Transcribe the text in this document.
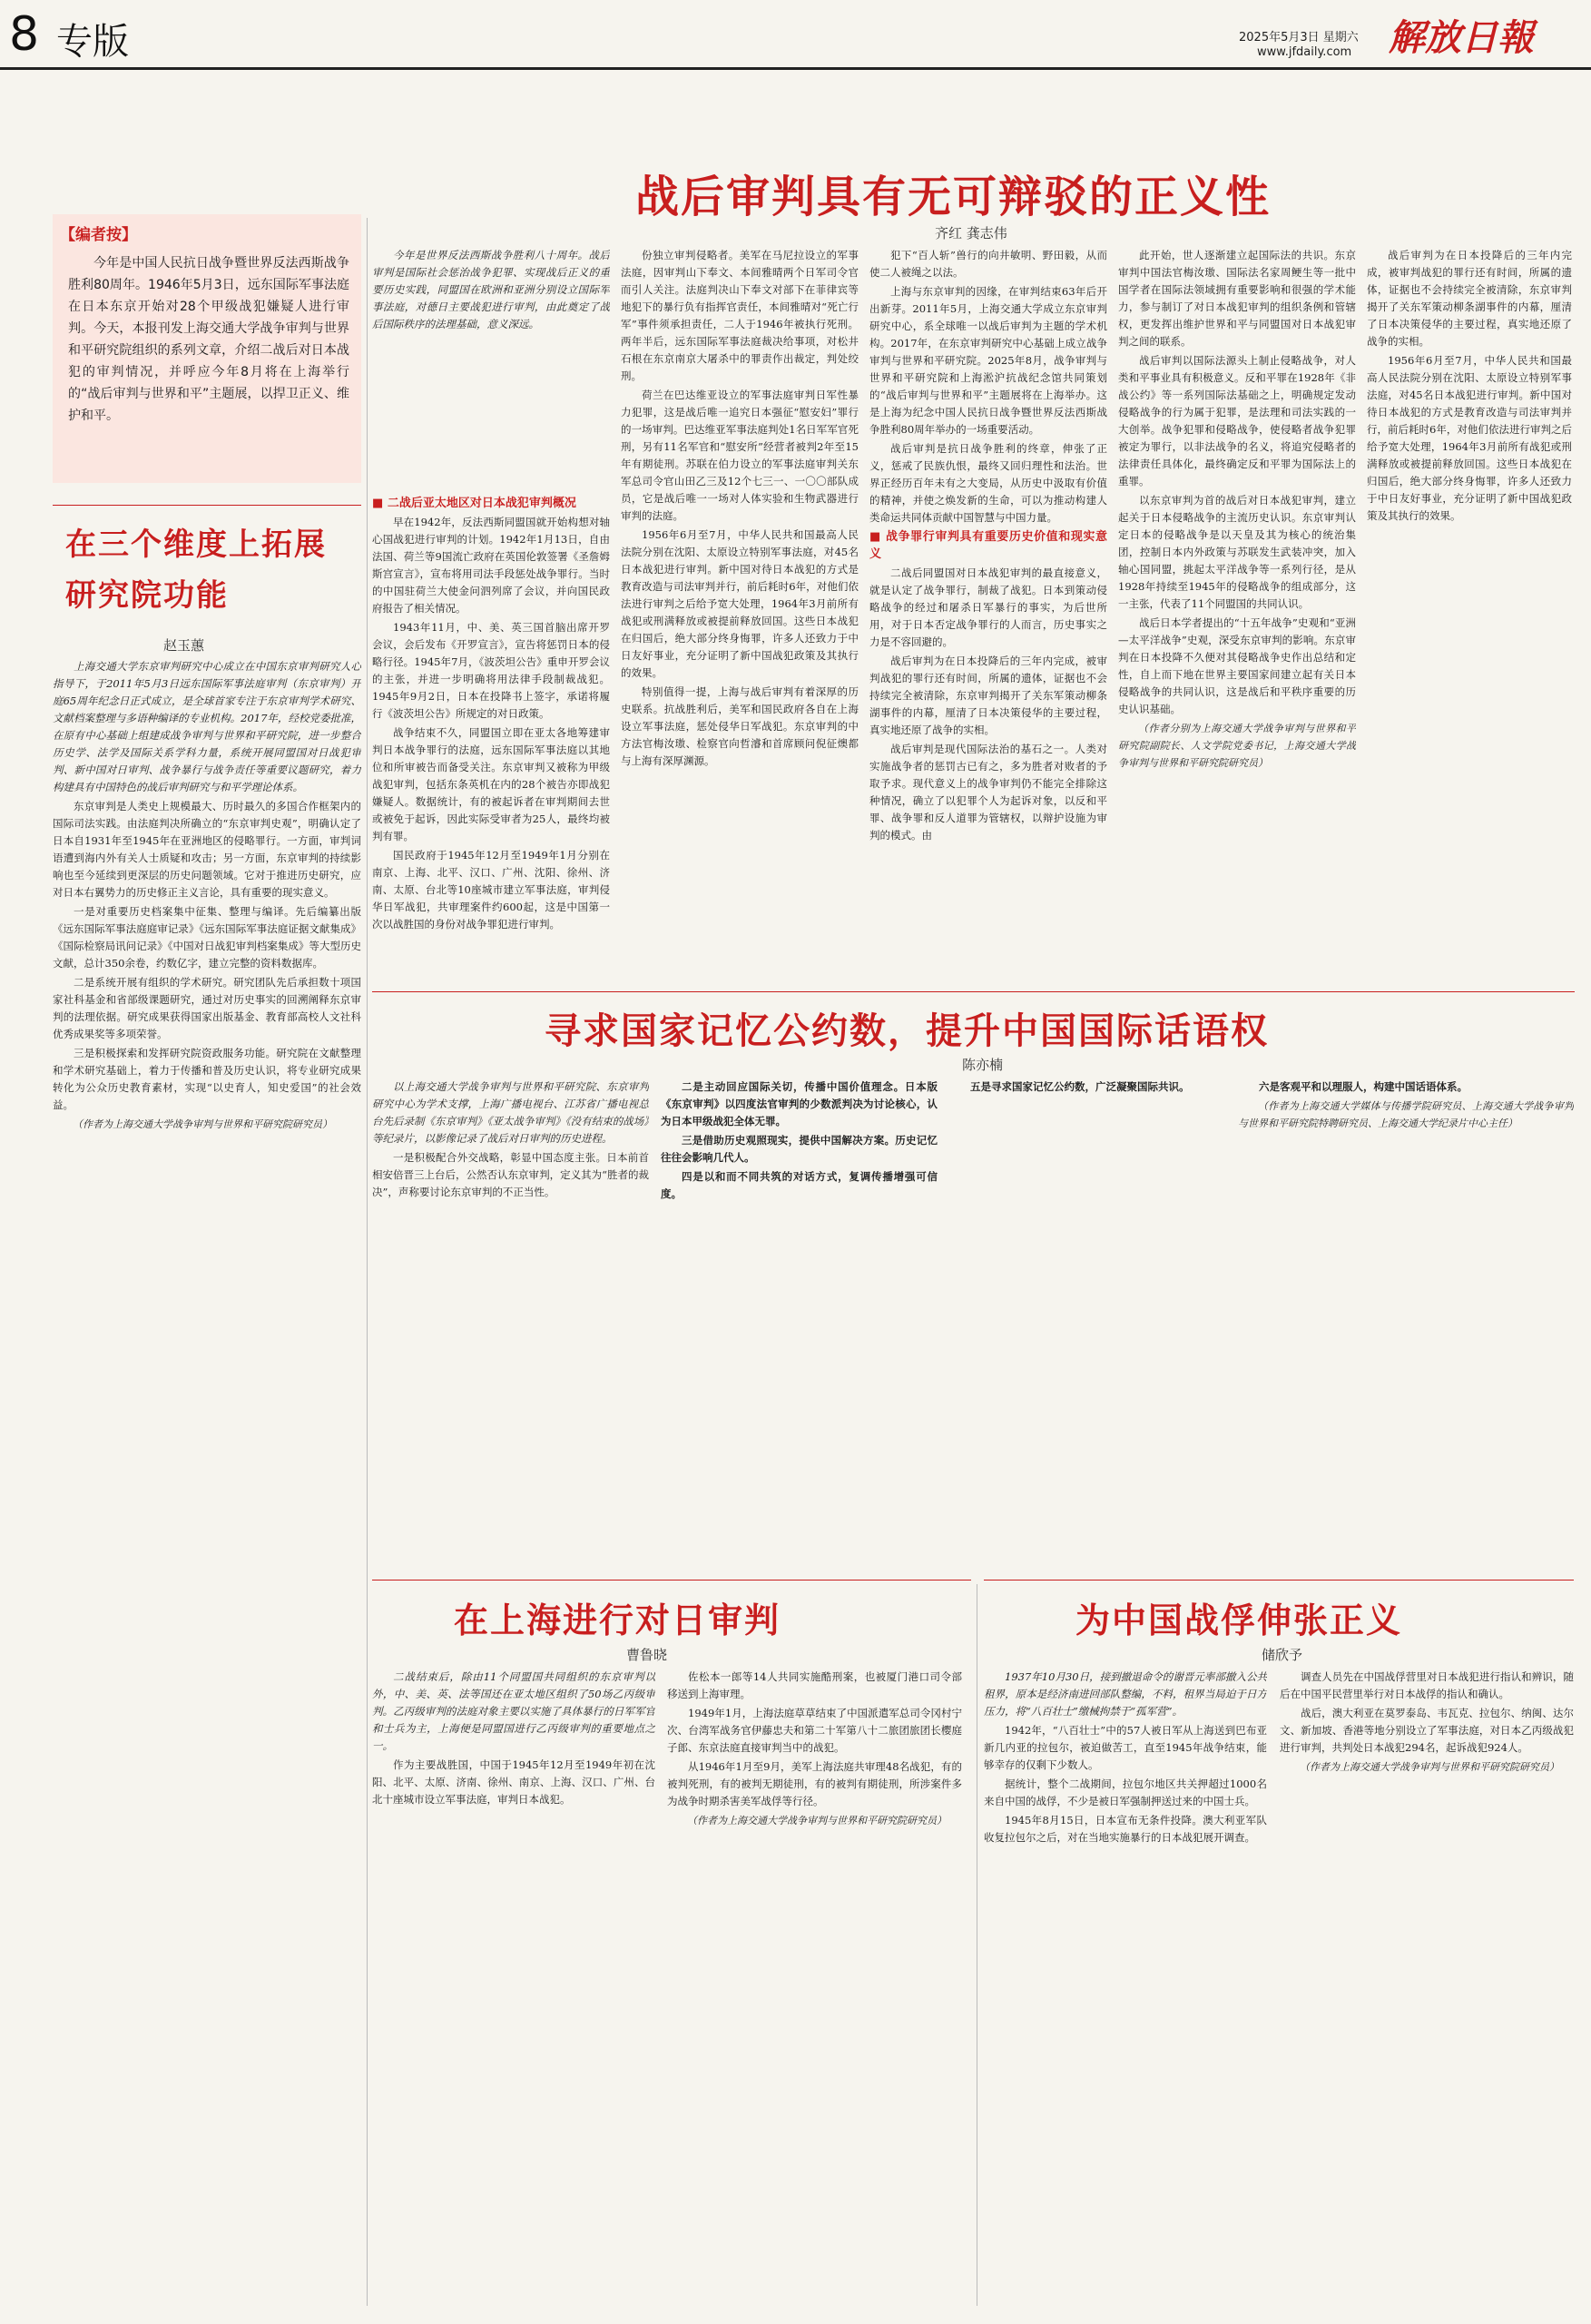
8 专版	2025年5月3日 星期六
www.jfdaily.com 解放日報
【编者按】
今年是中国人民抗日战争暨世界反法西斯战争胜利80周年。1946年5月3日，远东国际军事法庭在日本东京开始对28个甲级战犯嫌疑人进行审判。今天，本报刊发上海交通大学战争审判与世界和平研究院组织的系列文章，介绍二战后对日本战犯的审判情况，并呼应今年8月将在上海举行的“战后审判与世界和平”主题展，以捍卫正义、维护和平。
战后审判具有无可辩驳的正义性
齐红 龚志伟
今年是世界反法西斯战争胜利八十周年。战后审判是国际社会惩治战争犯罪、实现战后正义的重要历史实践，同盟国在欧洲和亚洲分别设立国际军事法庭，对德日主要战犯进行审判，由此奠定了战后国际秩序的法理基础，意义深远。

■ 二战后亚太地区对日本战犯审判概况

早在1942年，反法西斯同盟国就开始构想对轴心国战犯进行审判的计划。1942年1月13日，自由法国、荷兰等9国流亡政府在英国伦敦签署《圣詹姆斯宫宣言》，宣布将用司法手段惩处战争罪行。当时的中国驻荷兰大使金问泗列席了会议，并向国民政府报告了相关情况。

1943年11月，中、美、英三国首脑出席开罗会议，会后发布《开罗宣言》，宣告将惩罚日本的侵略行径。1945年7月，《波茨坦公告》重申开罗会议的主张，并进一步明确将用法律手段制裁战犯。1945年9月2日，日本在投降书上签字，承诺将履行《波茨坦公告》所规定的对日政策。

战争结束不久，同盟国立即在亚太各地筹建审判日本战争罪行的法庭，远东国际军事法庭以其地位和所审被告而备受关注。东京审判又被称为甲级战犯审判，包括东条英机在内的28个被告亦即战犯嫌疑人。数据统计，有的被起诉者在审判期间去世或被免于起诉，因此实际受审者为25人，最终均被判有罪。

国民政府于1945年12月至1949年1月分别在南京、上海、北平、汉口、广州、沈阳、徐州、济南、太原、台北等10座城市建立军事法庭，审判侵华日军战犯，共审理案件约600起，这是中国第一次以战胜国的身份对战争罪犯进行审判。

份独立审判侵略者。美军在马尼拉设立的军事法庭，因审判山下奉文、本间雅晴两个日军司令官而引人关注。法庭判决山下奉文对部下在菲律宾等地犯下的暴行负有指挥官责任，本间雅晴对“死亡行军”事件须承担责任，二人于1946年被执行死刑。两年半后，远东国际军事法庭裁决给事项，对松井石根在东京南京大屠杀中的罪责作出裁定，判处绞刑。

荷兰在巴达维亚设立的军事法庭审判日军性暴力犯罪，这是战后唯一追究日本强征“慰安妇”罪行的一场审判。巴达维亚军事法庭判处1名日军军官死刑，另有11名军官和“慰安所”经营者被判2年至15年有期徒刑。苏联在伯力设立的军事法庭审判关东军总司令官山田乙三及12个七三一、一〇〇部队成员，它是战后唯一一场对人体实验和生物武器进行审判的法庭。

1956年6月至7月，中华人民共和国最高人民法院分别在沈阳、太原设立特别军事法庭，对45名日本战犯进行审判。新中国对待日本战犯的方式是教育改造与司法审判并行，前后耗时6年，对他们依法进行审判之后给予宽大处理，1964年3月前所有战犯或刑满释放或被提前释放回国。这些日本战犯在归国后，绝大部分终身悔罪，许多人还致力于中日友好事业，充分证明了新中国战犯政策及其执行的效果。

特别值得一提，上海与战后审判有着深厚的历史联系。抗战胜利后，美军和国民政府各自在上海设立军事法庭，惩处侵华日军战犯。东京审判的中方法官梅汝璈、检察官向哲濬和首席顾问倪征燠都与上海有深厚渊源。

犯下“百人斩”兽行的向井敏明、野田毅，从而使二人被绳之以法。

上海与东京审判的因缘，在审判结束63年后开出新芽。2011年5月，上海交通大学成立东京审判研究中心，系全球唯一以战后审判为主题的学术机构。2017年，在东京审判研究中心基础上成立战争审判与世界和平研究院。2025年8月，战争审判与世界和平研究院和上海淞沪抗战纪念馆共同策划的“战后审判与世界和平”主题展将在上海举办。这是上海为纪念中国人民抗日战争暨世界反法西斯战争胜利80周年举办的一场重要活动。

战后审判是抗日战争胜利的终章，伸张了正义，惩戒了民族仇恨，最终又回归理性和法治。世界正经历百年未有之大变局，从历史中汲取有价值的精神，并使之焕发新的生命，可以为推动构建人类命运共同体贡献中国智慧与中国力量。

■ 战争罪行审判具有重要历史价值和现实意义

二战后同盟国对日本战犯审判的最直接意义，就是认定了战争罪行，制裁了战犯。日本到策动侵略战争的经过和屠杀日军暴行的事实，为后世所用，对于日本否定战争罪行的人而言，历史事实之力是不容回避的。

战后审判为在日本投降后的三年内完成，被审判战犯的罪行还有时间，所属的遗体，证据也不会持续完全被清除，东京审判揭开了关东军策动柳条湖事件的内幕，厘清了日本决策侵华的主要过程，真实地还原了战争的实相。

战后审判是现代国际法治的基石之一。人类对实施战争者的惩罚古已有之，多为胜者对败者的予取予求。现代意义上的战争审判仍不能完全排除这种情况，确立了以犯罪个人为起诉对象，以反和平罪、战争罪和反人道罪为管辖权，以辩护设施为审判的模式。由

此开始，世人逐渐建立起国际法的共识。东京审判中国法官梅汝璈、国际法名家周鲠生等一批中国学者在国际法领域拥有重要影响和很强的学术能力，参与制订了对日本战犯审判的组织条例和管辖权，更发挥出维护世界和平与同盟国对日本战犯审判之间的联系。

战后审判以国际法源头上制止侵略战争，对人类和平事业具有积极意义。反和平罪在1928年《非战公约》等一系列国际法基础之上，明确规定发动侵略战争的行为属于犯罪，是法理和司法实践的一大创举。战争犯罪和侵略战争，使侵略者战争犯罪被定为罪行，以非法战争的名义，将追究侵略者的法律责任具体化，最终确定反和平罪为国际法上的重罪。

以东京审判为首的战后对日本战犯审判，建立起关于日本侵略战争的主流历史认识。东京审判认定日本的侵略战争是以天皇及其为核心的统治集团，控制日本内外政策与苏联发生武装冲突，加入轴心国同盟，挑起太平洋战争等一系列行径，是从1928年持续至1945年的侵略战争的组成部分，这一主张，代表了11个同盟国的共同认识。

战后日本学者提出的“十五年战争”史观和“亚洲—太平洋战争”史观，深受东京审判的影响。东京审判在日本投降不久便对其侵略战争史作出总结和定性，自上而下地在世界主要国家间建立起有关日本侵略战争的共同认识，这是战后和平秩序重要的历史认识基础。

（作者分别为上海交通大学战争审判与世界和平研究院副院长、人文学院党委书记，上海交通大学战争审判与世界和平研究院研究员）

战后审判为在日本投降后的三年内完成，被审判战犯的罪行还有时间，所属的遗体，证据也不会持续完全被清除，东京审判揭开了关东军策动柳条湖事件的内幕，厘清了日本决策侵华的主要过程，真实地还原了战争的实相。

1956年6月至7月，中华人民共和国最高人民法院分别在沈阳、太原设立特别军事法庭，对45名日本战犯进行审判。新中国对待日本战犯的方式是教育改造与司法审判并行，前后耗时6年，对他们依法进行审判之后给予宽大处理，1964年3月前所有战犯或刑满释放或被提前释放回国。这些日本战犯在归国后，绝大部分终身悔罪，许多人还致力于中日友好事业，充分证明了新中国战犯政策及其执行的效果。

在三个维度上拓展研究院功能
赵玉蕙

上海交通大学东京审判研究中心成立在中国东京审判研究人心指导下，于2011年5月3日远东国际军事法庭审判（东京审判）开庭65周年纪念日正式成立，是全球首家专注于东京审判学术研究、文献档案整理与多语种编译的专业机构。2017年，经校党委批准，在原有中心基础上组建成战争审判与世界和平研究院，进一步整合历史学、法学及国际关系学科力量，系统开展同盟国对日战犯审判、新中国对日审判、战争暴行与战争责任等重要议题研究，着力构建具有中国特色的战后审判研究与和平学理论体系。

东京审判是人类史上规模最大、历时最久的多国合作框架内的国际司法实践。由法庭判决所确立的“东京审判史观”，明确认定了日本自1931年至1945年在亚洲地区的侵略罪行。一方面，审判词语遭到海内外有关人士质疑和攻击；另一方面，东京审判的持续影响也至今延续到更深层的历史问题领域。它对于推进历史研究，应对日本右翼势力的历史修正主义言论，具有重要的现实意义。

一是对重要历史档案集中征集、整理与编译。先后编纂出版《远东国际军事法庭庭审记录》《远东国际军事法庭证据文献集成》《国际检察局讯问记录》《中国对日战犯审判档案集成》等大型历史文献，总计350余卷，约数亿字，建立完整的资料数据库。

二是系统开展有组织的学术研究。研究团队先后承担数十项国家社科基金和省部级课题研究，通过对历史事实的回溯阐释东京审判的法理依据。研究成果获得国家出版基金、教育部高校人文社科优秀成果奖等多项荣誉。

三是积极探索和发挥研究院资政服务功能。研究院在文献整理和学术研究基础上，着力于传播和普及历史认识，将专业研究成果转化为公众历史教育素材，实现“以史育人，知史爱国”的社会效益。

（作者为上海交通大学战争审判与世界和平研究院研究员）

寻求国家记忆公约数，提升中国国际话语权
陈亦楠

以上海交通大学战争审判与世界和平研究院、东京审判研究中心为学术支撑，上海广播电视台、江苏省广播电视总台先后录制《东京审判》《亚太战争审判》《没有结束的战场》等纪录片，以影像记录了战后对日审判的历史进程。

一是积极配合外交战略，彰显中国态度主张。日本前首相安倍晋三上台后，公然否认东京审判，定义其为“胜者的裁决”，声称要讨论东京审判的不正当性。

二是主动回应国际关切，传播中国价值理念。日本版《东京审判》以四度法官审判的少数派判决为讨论核心，认为日本甲级战犯全体无罪。

三是借助历史观照现实，提供中国解决方案。历史记忆往往会影响几代人。

四是以和而不同共筑的对话方式，复调传播增强可信度。

五是寻求国家记忆公约数，广泛凝聚国际共识。	六是客观平和以理服人，构建中国话语体系。

（作者为上海交通大学媒体与传播学院研究员、上海交通大学战争审判与世界和平研究院特聘研究员、上海交通大学纪录片中心主任）

在上海进行对日审判
曹鲁晓

二战结束后，除由11个同盟国共同组织的东京审判以外，中、美、英、法等国还在亚太地区组织了50场乙丙级审判。乙丙级审判的法庭对象主要以实施了具体暴行的日军军官和士兵为主，上海便是同盟国进行乙丙级审判的重要地点之一。

作为主要战胜国，中国于1945年12月至1949年初在沈阳、北平、太原、济南、徐州、南京、上海、汉口、广州、台北十座城市设立军事法庭，审判日本战犯。

佐松本一郎等14人共同实施酷刑案，也被厦门港口司令部移送到上海审理。

1949年1月，上海法庭草草结束了中国派遣军总司令冈村宁次、台湾军战务官伊藤忠夫和第二十军第八十二旅团旅团长樱庭子郎、东京法庭直接审判当中的战犯。

从1946年1月至9月，美军上海法庭共审理48名战犯，有的被判死刑，有的被判无期徒刑，有的被判有期徒刑，所涉案件多为战争时期杀害美军战俘等行径。

（作者为上海交通大学战争审判与世界和平研究院研究员）

为中国战俘伸张正义
储欣予

1937年10月30日，接到撤退命令的谢晋元率部撤入公共租界，原本是经济南进回部队整编，不料，租界当局迫于日方压力，将“八百壮士”缴械拘禁于“孤军营”。

1942年，“八百壮士”中的57人被日军从上海送到巴布亚新几内亚的拉包尔，被迫做苦工，直至1945年战争结束，能够幸存的仅剩下少数人。

据统计，整个二战期间，拉包尔地区共关押超过1000名来自中国的战俘，不少是被日军强制押送过来的中国士兵。

1945年8月15日，日本宣布无条件投降。澳大利亚军队收复拉包尔之后，对在当地实施暴行的日本战犯展开调查。

调查人员先在中国战俘营里对日本战犯进行指认和辨识，随后在中国平民营里举行对日本战俘的指认和确认。

战后，澳大利亚在莫罗泰岛、韦瓦克、拉包尔、纳闽、达尔文、新加坡、香港等地分别设立了军事法庭，对日本乙丙级战犯进行审判，共判处日本战犯294名，起诉战犯924人。

（作者为上海交通大学战争审判与世界和平研究院研究员）
